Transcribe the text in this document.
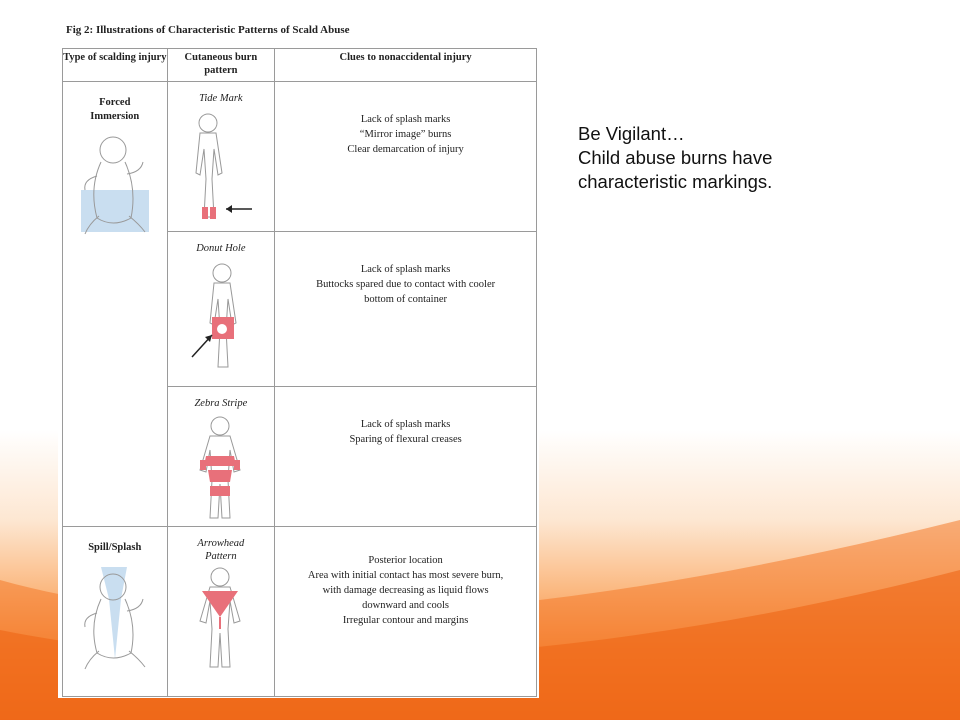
Fig 2: Illustrations of Characteristic Patterns of Scald Abuse
Type of scalding injury	Cutaneous burn pattern	Clues to nonaccidental injury

Forced Immersion	Tide Mark	Lack of splash marks
“Mirror image” burns
Clear demarcation of injury

	Donut Hole	Lack of splash marks
Buttocks spared due to contact with cooler
bottom of container

	Zebra Stripe	Lack of splash marks
Sparing of flexural creases

Spill/Splash	Arrowhead Pattern	Posterior location
Area with initial contact has most severe burn,
with damage decreasing as liquid flows
downward and cools
Irregular contour and margins
Be Vigilant…
Child abuse burns have
characteristic markings.
